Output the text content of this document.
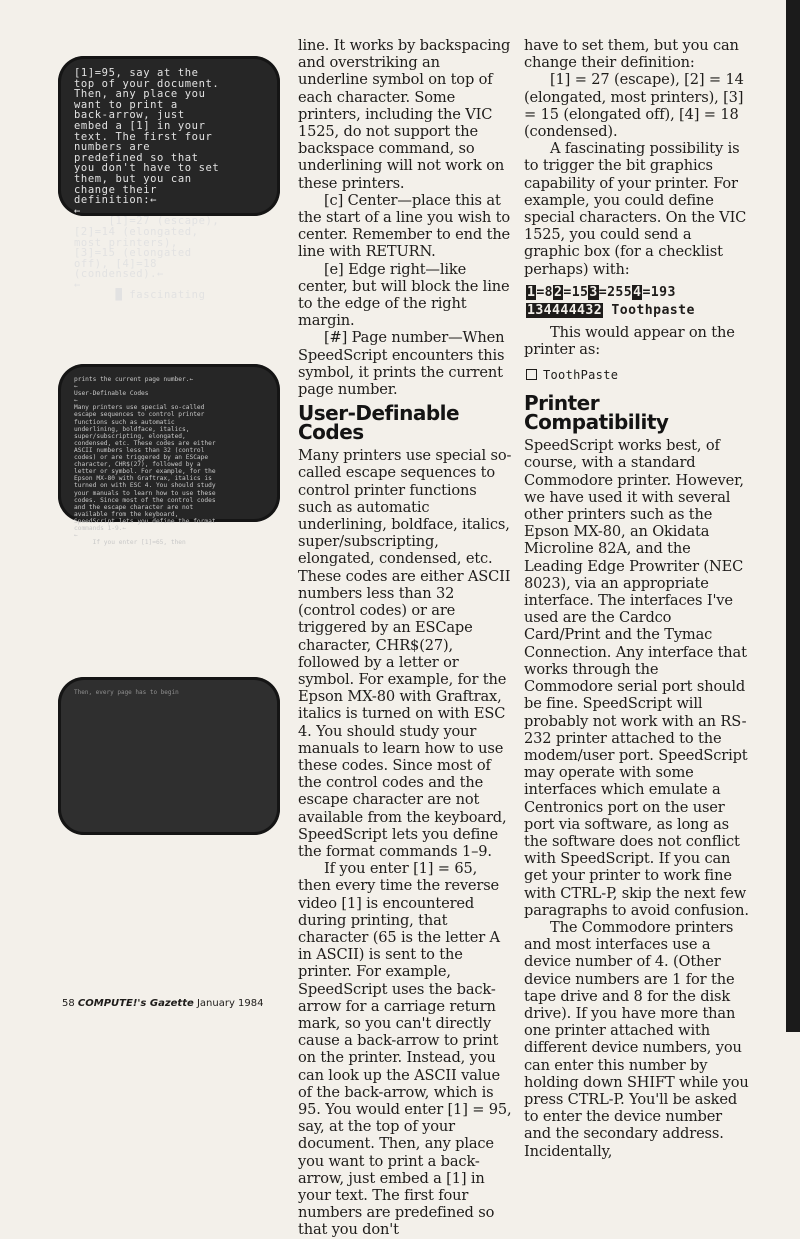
[1]=95, say at the
top of your document.
Then, any place you
want to print a
back-arrow, just
embed a [1] in your
text. The first four
numbers are
predefined so that
you don't have to set
them, but you can
change their
definition:←
←
[1]=27 (escape),
[2]=14 (elongated,
most printers),
[3]=15 (elongated
off), [4]=18
(condensed).←
←
█ fascinating
prints the current page number.←
←
User-Definable Codes
←
Many printers use special so-called
escape sequences to control printer
functions such as automatic
underlining, boldface, italics,
super/subscripting, elongated,
condensed, etc. These codes are either
ASCII numbers less than 32 (control
codes) or are triggered by an ESCape
character, CHR$(27), followed by a
letter or symbol. For example, for the
Epson MX-80 with Graftrax, italics is
turned on with ESC 4. You should study
your manuals to learn how to use these
codes. Since most of the control codes
and the escape character are not
available from the keyboard,
SpeedScript lets you define the format
commands 1-9.←
←
If you enter [1]=65, then
Then, every page has to begin

line. It works by backspacing and overstriking an underline symbol on top of each character. Some printers, including the VIC 1525, do not support the backspace command, so underlining will not work on these printers.

[c] Center—place this at the start of a line you wish to center. Remember to end the line with RETURN.

[e] Edge right—like center, but will block the line to the edge of the right margin.

[#] Page number—When SpeedScript encounters this symbol, it prints the current page number.

User-Definable Codes

Many printers use special so-called escape sequences to control printer functions such as automatic underlining, boldface, italics, super/subscripting, elongated, condensed, etc. These codes are either ASCII numbers less than 32 (control codes) or are triggered by an ESCape character, CHR$(27), followed by a letter or symbol. For example, for the Epson MX-80 with Graftrax, italics is turned on with ESC 4. You should study your manuals to learn how to use these codes. Since most of the control codes and the escape character are not available from the keyboard, SpeedScript lets you define the format commands 1–9.

If you enter [1] = 65, then every time the reverse video [1] is encountered during printing, that character (65 is the letter A in ASCII) is sent to the printer. For example, SpeedScript uses the back-arrow for a carriage return mark, so you can't directly cause a back-arrow to print on the printer. Instead, you can look up the ASCII value of the back-arrow, which is 95. You would enter [1] = 95, say, at the top of your document. Then, any place you want to print a back-arrow, just embed a [1] in your text. The first four numbers are predefined so that you don't

have to set them, but you can change their definition:

[1] = 27 (escape), [2] = 14 (elongated, most printers), [3] = 15 (elongated off), [4] = 18 (condensed).

A fascinating possibility is to trigger the bit graphics capability of your printer. For example, you could define special characters. On the VIC 1525, you could send a graphic box (for a checklist perhaps) with:

1=82=153=2554=193
134444432 Toothpaste

This would appear on the printer as:

ToothPaste
Printer Compatibility

SpeedScript works best, of course, with a standard Commodore printer. However, we have used it with several other printers such as the Epson MX-80, an Okidata Microline 82A, and the Leading Edge Prowriter (NEC 8023), via an appropriate interface. The interfaces I've used are the Cardco Card/Print and the Tymac Connection. Any interface that works through the Commodore serial port should be fine. SpeedScript will probably not work with an RS-232 printer attached to the modem/user port. SpeedScript may operate with some interfaces which emulate a Centronics port on the user port via software, as long as the software does not conflict with SpeedScript. If you can get your printer to work fine with CTRL-P, skip the next few paragraphs to avoid confusion.

The Commodore printers and most interfaces use a device number of 4. (Other device numbers are 1 for the tape drive and 8 for the disk drive). If you have more than one printer attached with different device numbers, you can enter this number by holding down SHIFT while you press CTRL-P. You'll be asked to enter the device number and the secondary address. Incidentally,

58 COMPUTE!'s Gazette January 1984
